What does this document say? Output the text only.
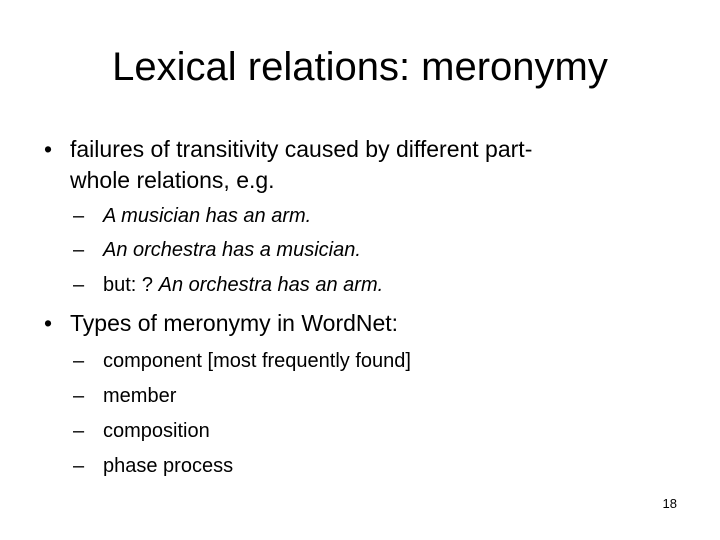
Lexical relations: meronymy
• failures of transitivity caused by different part-
whole relations, e.g.
– A musician has an arm.
– An orchestra has a musician.
– but: ? An orchestra has an arm.
• Types of meronymy in WordNet:
– component [most frequently found]
– member
– composition
– phase process
18
